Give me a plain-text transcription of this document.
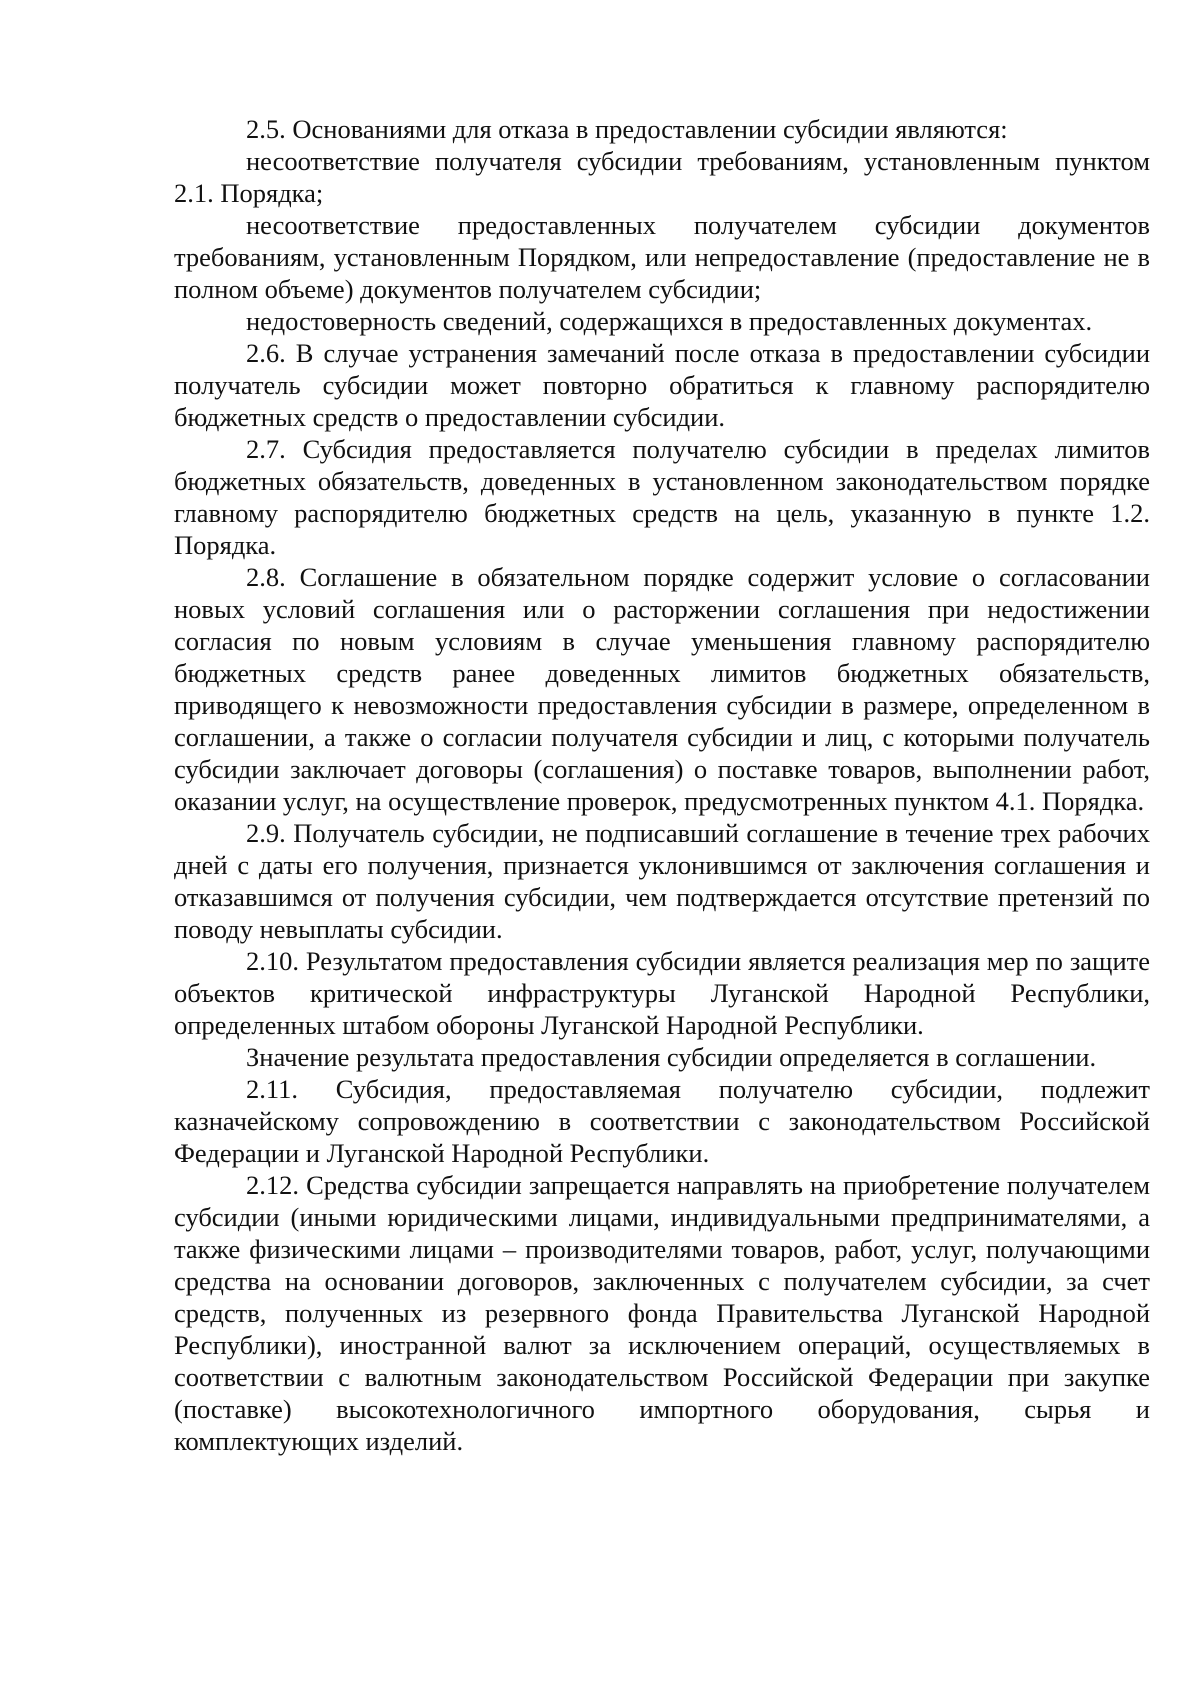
2.5. Основаниями для отказа в предоставлении субсидии являются:

несоответствие получателя субсидии требованиям, установленным пунктом 2.1. Порядка;

несоответствие предоставленных получателем субсидии документов требованиям, установленным Порядком, или непредоставление (предоставление не в полном объеме) документов получателем субсидии;

недостоверность сведений, содержащихся в предоставленных документах.

2.6. В случае устранения замечаний после отказа в предоставлении субсидии получатель субсидии может повторно обратиться к главному распорядителю бюджетных средств о предоставлении субсидии.

2.7. Субсидия предоставляется получателю субсидии в пределах лимитов бюджетных обязательств, доведенных в установленном законодательством порядке главному распорядителю бюджетных средств на цель, указанную в пункте 1.2. Порядка.

2.8. Соглашение в обязательном порядке содержит условие о согласовании новых условий соглашения или о расторжении соглашения при недостижении согласия по новым условиям в случае уменьшения главному распорядителю бюджетных средств ранее доведенных лимитов бюджетных обязательств, приводящего к невозможности предоставления субсидии в размере, определенном в соглашении, а также о согласии получателя субсидии и лиц, с которыми получатель субсидии заключает договоры (соглашения) о поставке товаров, выполнении работ, оказании услуг, на осуществление проверок, предусмотренных пунктом 4.1. Порядка.

2.9. Получатель субсидии, не подписавший соглашение в течение трех рабочих дней с даты его получения, признается уклонившимся от заключения соглашения и отказавшимся от получения субсидии, чем подтверждается отсутствие претензий по поводу невыплаты субсидии.

2.10. Результатом предоставления субсидии является реализация мер по защите объектов критической инфраструктуры Луганской Народной Республики, определенных штабом обороны Луганской Народной Республики.

Значение результата предоставления субсидии определяется в соглашении.

2.11. Субсидия, предоставляемая получателю субсидии, подлежит казначейскому сопровождению в соответствии с законодательством Российской Федерации и Луганской Народной Республики.

2.12. Средства субсидии запрещается направлять на приобретение получателем субсидии (иными юридическими лицами, индивидуальными предпринимателями, а также физическими лицами – производителями товаров, работ, услуг, получающими средства на основании договоров, заключенных с получателем субсидии, за счет средств, полученных из резервного фонда Правительства Луганской Народной Республики), иностранной валют за исключением операций, осуществляемых в соответствии с валютным законодательством Российской Федерации при закупке (поставке) высокотехнологичного импортного оборудования, сырья и комплектующих изделий.
